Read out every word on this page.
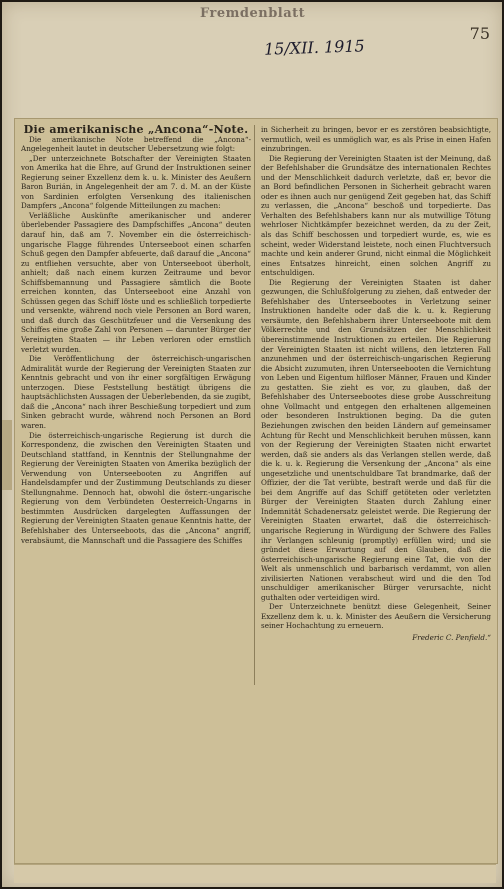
Fremdenblatt
75
15/XII. 1915

Die amerikanische „Ancona“-Note.

Die amerikanische Note betreffend die „Ancona“-Angelegenheit lautet in deutscher Uebersetzung wie folgt:

„Der unterzeichnete Botschafter der Vereinigten Staaten von Amerika hat die Ehre, auf Grund der Instruktionen seiner Regierung seiner Exzellenz dem k. u. k. Minister des Aeußern Baron Burián, in Angelegenheit der am 7. d. M. an der Küste von Sardinien erfolgten Versenkung des italienischen Dampfers „Ancona“ folgende Mitteilungen zu machen:

Verläßliche Auskünfte amerikanischer und anderer überlebender Passagiere des Dampfschiffes „Ancona“ deuten darauf hin, daß am 7. November ein die österreichisch-ungarische Flagge führendes Unterseeboot einen scharfen Schuß gegen den Dampfer abfeuerte, daß darauf die „Ancona“ zu entfliehen versuchte, aber von Unterseeboot überholt, anhielt; daß nach einem kurzen Zeitraume und bevor Schiffsbemannung und Passagiere sämtlich die Boote erreichen konnten, das Unterseeboot eine Anzahl von Schüssen gegen das Schiff löste und es schließlich torpedierte und versenkte, während noch viele Personen an Bord waren, und daß durch das Geschützfeuer und die Versenkung des Schiffes eine große Zahl von Personen — darunter Bürger der Vereinigten Staaten — ihr Leben verloren oder ernstlich verletzt wurden.

Die Veröffentlichung der österreichisch-ungarischen Admiralität wurde der Regierung der Vereinigten Staaten zur Kenntnis gebracht und von ihr einer sorgfältigen Erwägung unterzogen. Diese Feststellung bestätigt übrigens die hauptsächlichsten Aussagen der Ueberlebenden, da sie zugibt, daß die „Ancona“ nach ihrer Beschießung torpediert und zum Sinken gebracht wurde, während noch Personen an Bord waren.

Die österreichisch-ungarische Regierung ist durch die Korrespondenz, die zwischen den Vereinigten Staaten und Deutschland stattfand, in Kenntnis der Stellungnahme der Regierung der Vereinigten Staaten von Amerika bezüglich der Verwendung von Unterseebooten zu Angriffen auf Handelsdampfer und der Zustimmung Deutschlands zu dieser Stellungnahme. Dennoch hat, obwohl die österr.-ungarische Regierung von dem Verbündeten Oesterreich-Ungarns in bestimmten Ausdrücken dargelegten Auffassungen der Regierung der Vereinigten Staaten genaue Kenntnis hatte, der Befehlshaber des Unterseeboots, das die „Ancona“ angriff, verabsäumt, die Mannschaft und die Passagiere des Schiffes

in Sicherheit zu bringen, bevor er es zerstören beabsichtigte, vermutlich, weil es unmöglich war, es als Prise in einen Hafen einzubringen.

Die Regierung der Vereinigten Staaten ist der Meinung, daß der Befehlshaber die Grundsätze des internationalen Rechtes und der Menschlichkeit dadurch verletzte, daß er, bevor die an Bord befindlichen Personen in Sicherheit gebracht waren oder es ihnen auch nur genügend Zeit gegeben hat, das Schiff zu verlassen, die „Ancona“ beschoß und torpedierte. Das Verhalten des Befehlshabers kann nur als mutwillige Tötung wehrloser Nichtkämpfer bezeichnet werden, da zu der Zeit, als das Schiff beschossen und torpediert wurde, es, wie es scheint, weder Widerstand leistete, noch einen Fluchtversuch machte und kein anderer Grund, nicht einmal die Möglichkeit eines Entsatzes hinreicht, einen solchen Angriff zu entschuldigen.

Die Regierung der Vereinigten Staaten ist daher gezwungen, die Schlußfolgerung zu ziehen, daß entweder der Befehlshaber des Unterseebootes in Verletzung seiner Instruktionen handelte oder daß die k. u. k. Regierung versäumte, den Befehlshabern ihrer Unterseeboote mit dem Völkerrechte und den Grundsätzen der Menschlichkeit übereinstimmende Instruktionen zu erteilen. Die Regierung der Vereinigten Staaten ist nicht willens, den letzteren Fall anzunehmen und der österreichisch-ungarischen Regierung die Absicht zuzumuten, ihren Unterseebooten die Vernichtung von Leben und Eigentum hilfloser Männer, Frauen und Kinder zu gestatten. Sie zieht es vor, zu glauben, daß der Befehlshaber des Unterseebootes diese grobe Ausschreitung ohne Vollmacht und entgegen den erhaltenen allgemeinen oder besonderen Instruktionen beging. Da die guten Beziehungen zwischen den beiden Ländern auf gemeinsamer Achtung für Recht und Menschlichkeit beruhen müssen, kann von der Regierung der Vereinigten Staaten nicht erwartet werden, daß sie anders als das Verlangen stellen werde, daß die k. u. k. Regierung die Versenkung der „Ancona“ als eine ungesetzliche und unentschuldbare Tat brandmarke, daß der Offizier, der die Tat verübte, bestraft werde und daß für die bei dem Angriffe auf das Schiff getöteten oder verletzten Bürger der Vereinigten Staaten durch Zahlung einer Indemnität Schadenersatz geleistet werde. Die Regierung der Vereinigten Staaten erwartet, daß die österreichisch-ungarische Regierung in Würdigung der Schwere des Falles ihr Verlangen schleunig (promptly) erfüllen wird; und sie gründet diese Erwartung auf den Glauben, daß die österreichisch-ungarische Regierung eine Tat, die von der Welt als unmenschlich und barbarisch verdammt, von allen zivilisierten Nationen verabscheut wird und die den Tod unschuldiger amerikanischer Bürger verursachte, nicht guthalten oder verteidigen wird.

Der Unterzeichnete benützt diese Gelegenheit, Seiner Exzellenz dem k. u. k. Minister des Aeußern die Versicherung seiner Hochachtung zu erneuern.

Frederic C. Penfield.“
